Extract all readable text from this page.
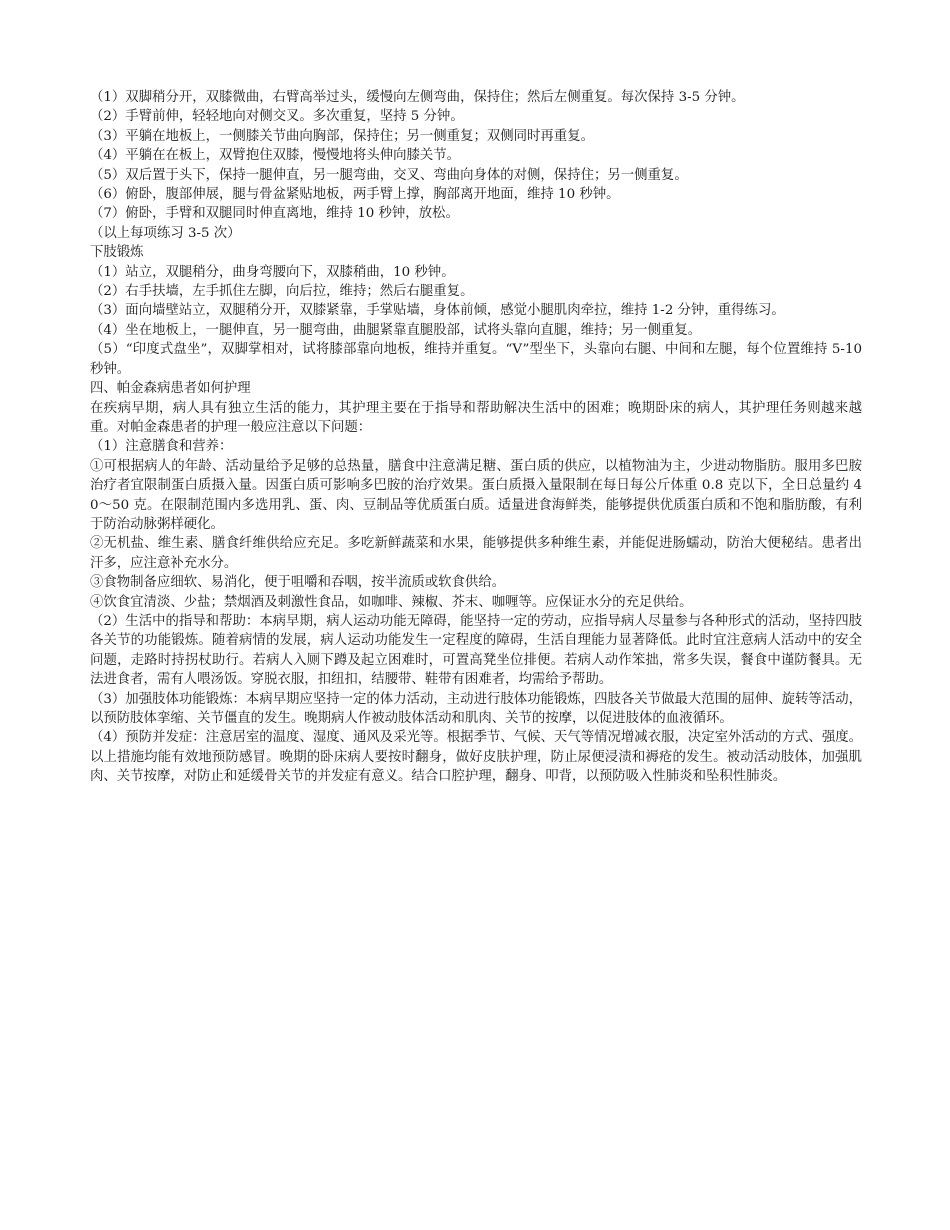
（1）双脚稍分开，双膝微曲，右臂高举过头，缓慢向左侧弯曲，保持住；然后左侧重复。每次保持 3-5 分钟。

（2）手臂前伸，轻轻地向对侧交叉。多次重复，坚持 5 分钟。

（3）平躺在地板上，一侧膝关节曲向胸部，保持住；另一侧重复；双侧同时再重复。

（4）平躺在在板上，双臂抱住双膝，慢慢地将头伸向膝关节。

（5）双后置于头下，保持一腿伸直，另一腿弯曲，交叉、弯曲向身体的对侧，保持住；另一侧重复。

（6）俯卧，腹部伸展，腿与骨盆紧贴地板，两手臂上撑，胸部离开地面，维持 10 秒钟。

（7）俯卧，手臂和双腿同时伸直离地，维持 10 秒钟，放松。

（以上每项练习 3-5 次）

下肢锻炼

（1）站立，双腿稍分，曲身弯腰向下，双膝稍曲，10 秒钟。

（2）右手扶墙，左手抓住左脚，向后拉，维持；然后右腿重复。

（3）面向墙壁站立，双腿稍分开，双膝紧靠，手掌贴墙，身体前倾，感觉小腿肌肉牵拉，维持 1-2 分钟，重得练习。

（4）坐在地板上，一腿伸直，另一腿弯曲，曲腿紧靠直腿股部，试将头靠向直腿，维持；另一侧重复。

（5）“印度式盘坐”，双脚掌相对，试将膝部靠向地板，维持并重复。“V”型坐下，头靠向右腿、中间和左腿，每个位置维持 5-10 秒钟。

四、帕金森病患者如何护理

在疾病早期，病人具有独立生活的能力，其护理主要在于指导和帮助解决生活中的困难；晚期卧床的病人，其护理任务则越来越重。对帕金森患者的护理一般应注意以下问题：

（1）注意膳食和营养：

①可根据病人的年龄、活动量给予足够的总热量，膳食中注意满足糖、蛋白质的供应，以植物油为主，少进动物脂肪。服用多巴胺治疗者宜限制蛋白质摄入量。因蛋白质可影响多巴胺的治疗效果。蛋白质摄入量限制在每日每公斤体重 0.8 克以下，全日总量约 40～50 克。在限制范围内多选用乳、蛋、肉、豆制品等优质蛋白质。适量进食海鲜类，能够提供优质蛋白质和不饱和脂肪酸，有利于防治动脉粥样硬化。

②无机盐、维生素、膳食纤维供给应充足。多吃新鲜蔬菜和水果，能够提供多种维生素，并能促进肠蠕动，防治大便秘结。患者出汗多，应注意补充水分。

③食物制备应细软、易消化，便于咀嚼和吞咽，按半流质或软食供给。

④饮食宜清淡、少盐；禁烟酒及刺激性食品，如咖啡、辣椒、芥末、咖喱等。应保证水分的充足供给。

（2）生活中的指导和帮助：本病早期，病人运动功能无障碍，能坚持一定的劳动，应指导病人尽量参与各种形式的活动，坚持四肢各关节的功能锻炼。随着病情的发展，病人运动功能发生一定程度的障碍，生活自理能力显著降低。此时宜注意病人活动中的安全问题，走路时持拐杖助行。若病人入厕下蹲及起立困难时，可置高凳坐位排便。若病人动作笨拙，常多失误，餐食中谨防餐具。无法进食者，需有人喂汤饭。穿脱衣服，扣纽扣，结腰带、鞋带有困难者，均需给予帮助。

（3）加强肢体功能锻炼：本病早期应坚持一定的体力活动，主动进行肢体功能锻炼，四肢各关节做最大范围的屈伸、旋转等活动，以预防肢体挛缩、关节僵直的发生。晚期病人作被动肢体活动和肌肉、关节的按摩，以促进肢体的血液循环。

（4）预防并发症：注意居室的温度、湿度、通风及采光等。根据季节、气候、天气等情况增减衣服，决定室外活动的方式、强度。以上措施均能有效地预防感冒。晚期的卧床病人要按时翻身，做好皮肤护理，防止尿便浸渍和褥疮的发生。被动活动肢体，加强肌肉、关节按摩，对防止和延缓骨关节的并发症有意义。结合口腔护理，翻身、叩背，以预防吸入性肺炎和坠积性肺炎。
